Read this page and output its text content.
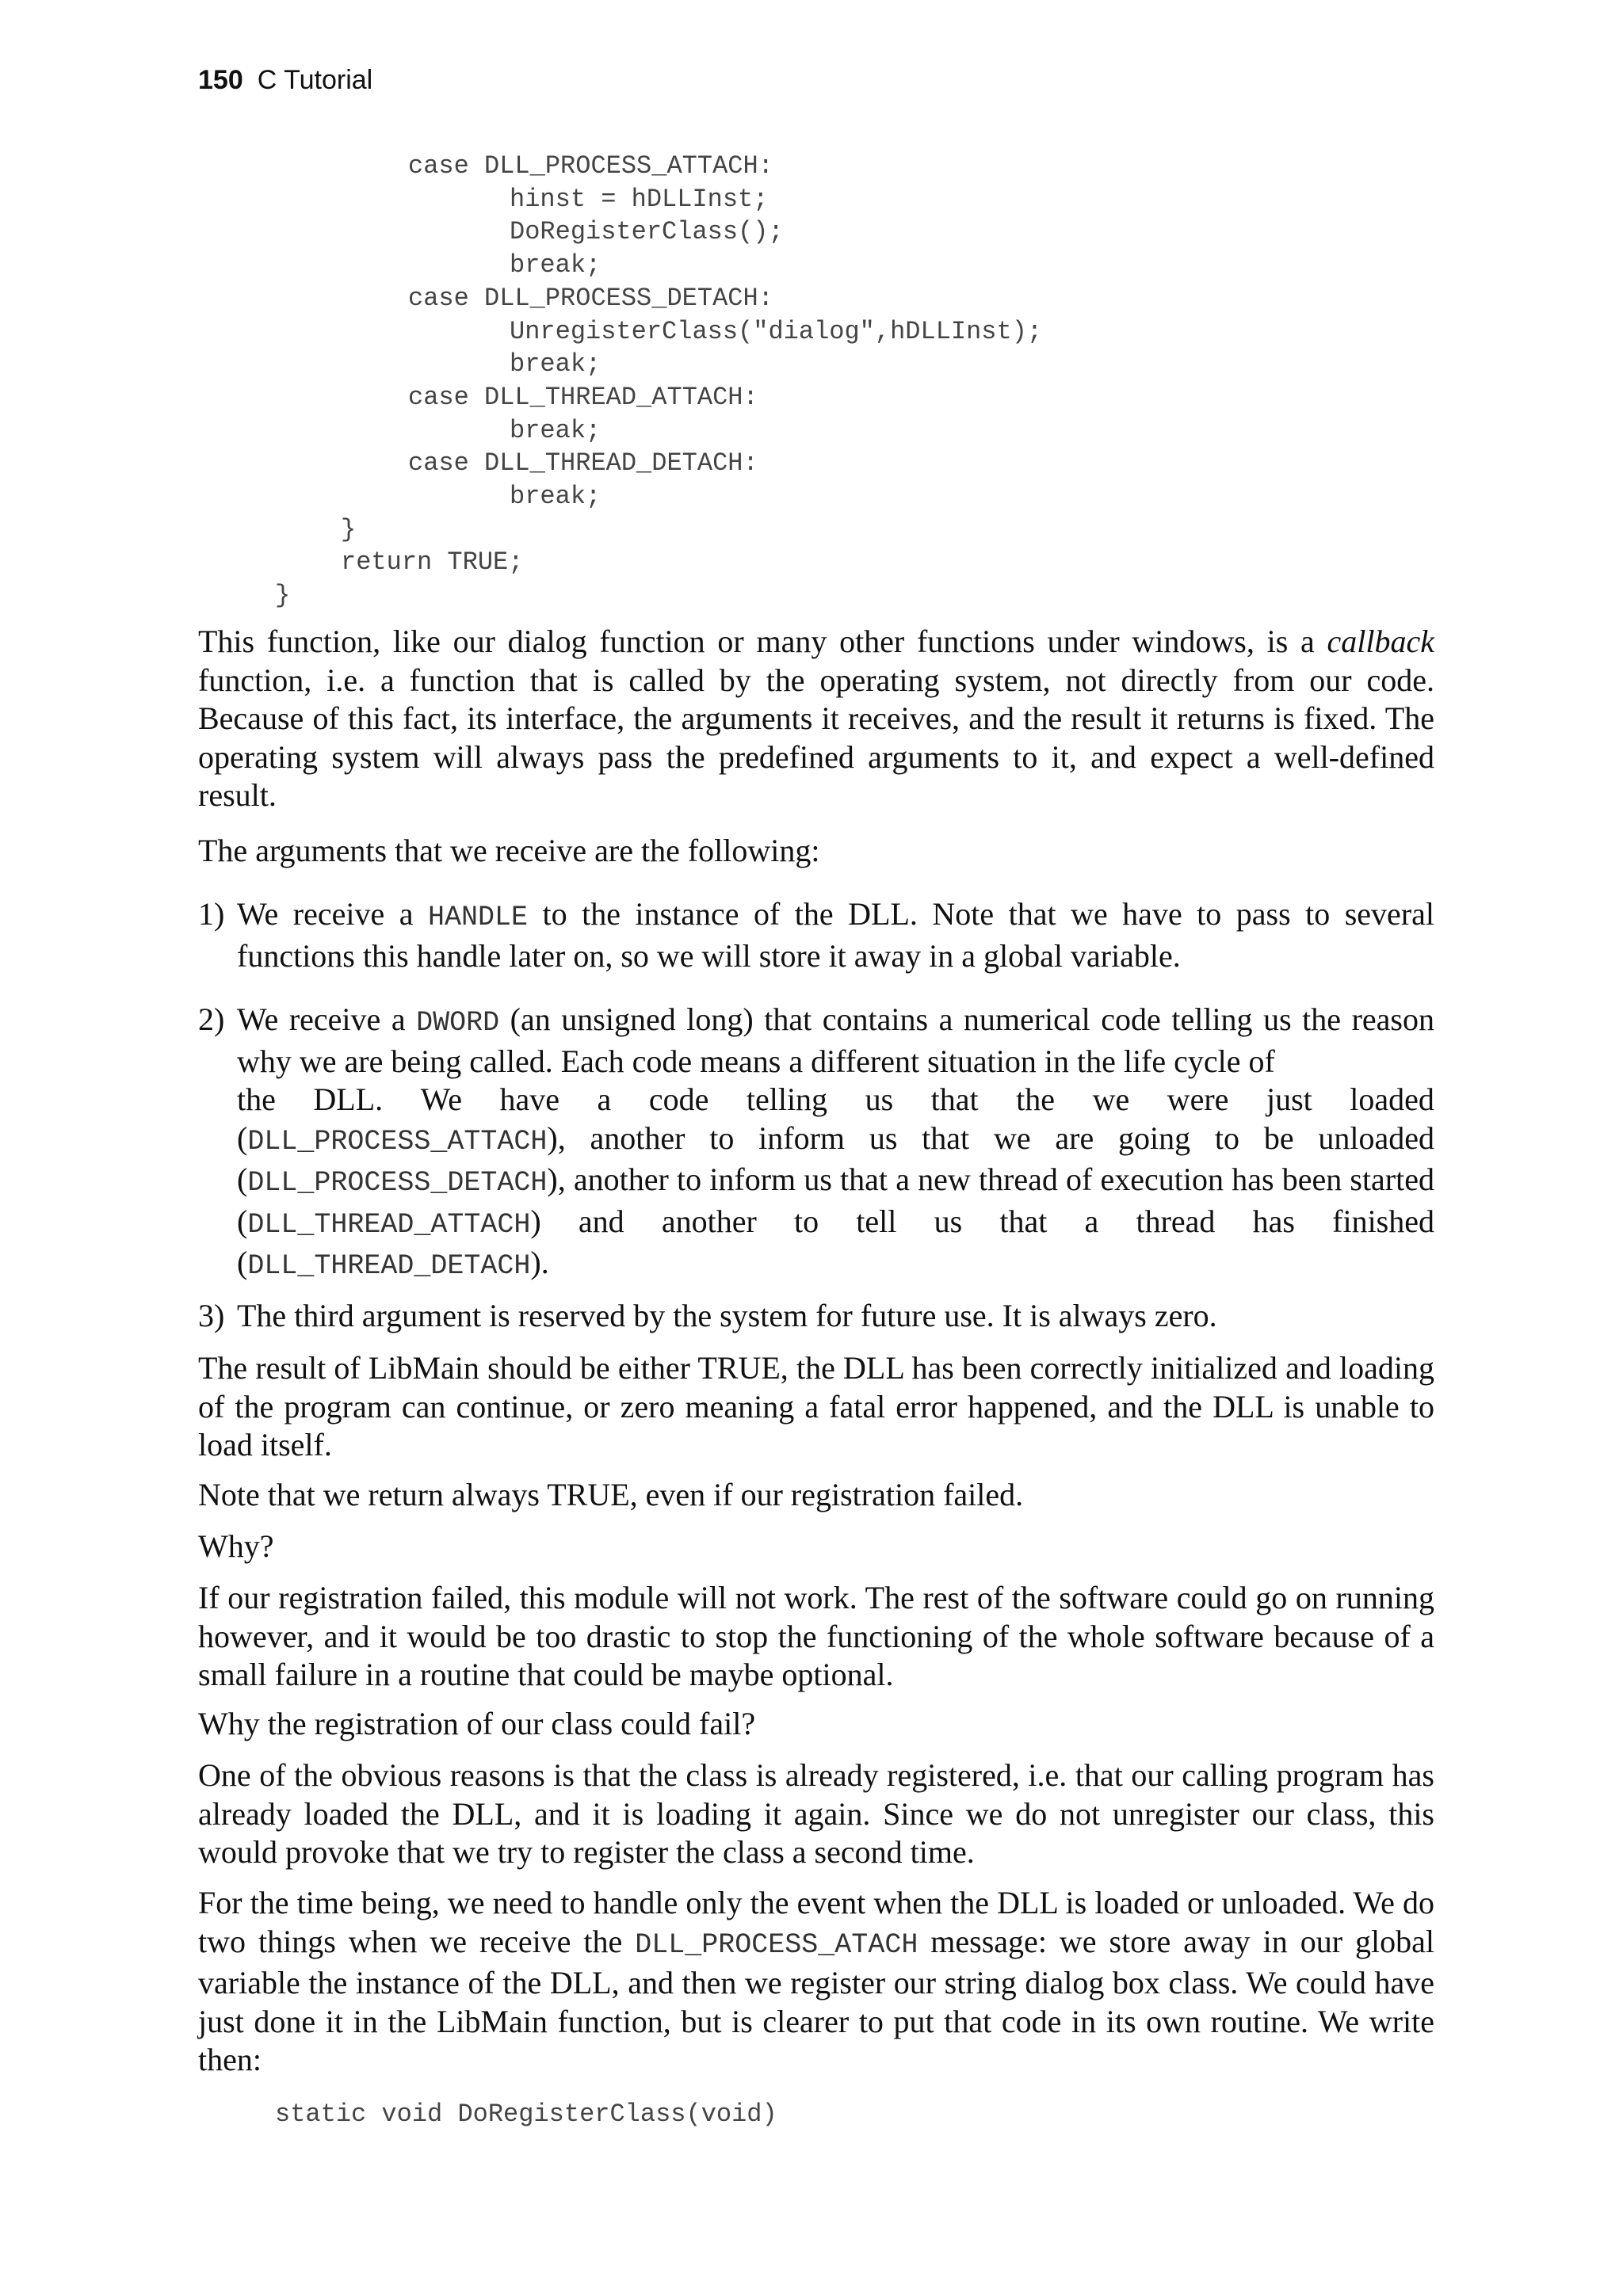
150 C Tutorial
case DLL_PROCESS_ATTACH:
hinst = hDLLInst;
DoRegisterClass();
break;
case DLL_PROCESS_DETACH:
UnregisterClass("dialog",hDLLInst);
break;
case DLL_THREAD_ATTACH:
break;
case DLL_THREAD_DETACH:
break;
}
return TRUE;
}
This function, like our dialog function or many other functions under windows, is a callback function, i.e. a function that is called by the operating system, not directly from our code. Because of this fact, its interface, the arguments it receives, and the result it returns is fixed. The operating system will always pass the predefined arguments to it, and expect a well-defined result.
The arguments that we receive are the following:
1) We receive a HANDLE to the instance of the DLL. Note that we have to pass to several functions this handle later on, so we will store it away in a global variable.
2) We receive a DWORD (an unsigned long) that contains a numerical code telling us the reason why we are being called. Each code means a different situation in the life cycle of
the DLL. We have a code telling us that the we were just loaded
(DLL_PROCESS_ATTACH), another to inform us that we are going to be unloaded (DLL_PROCESS_DETACH), another to inform us that a new thread of execution has been started (DLL_THREAD_ATTACH) and another to tell us that a thread has finished (DLL_THREAD_DETACH).
3) The third argument is reserved by the system for future use. It is always zero.
The result of LibMain should be either TRUE, the DLL has been correctly initialized and loading of the program can continue, or zero meaning a fatal error happened, and the DLL is unable to load itself.
Note that we return always TRUE, even if our registration failed.
Why?
If our registration failed, this module will not work. The rest of the software could go on running however, and it would be too drastic to stop the functioning of the whole software because of a small failure in a routine that could be maybe optional.
Why the registration of our class could fail?
One of the obvious reasons is that the class is already registered, i.e. that our calling program has already loaded the DLL, and it is loading it again. Since we do not unregister our class, this would provoke that we try to register the class a second time.
For the time being, we need to handle only the event when the DLL is loaded or unloaded. We do two things when we receive the DLL_PROCESS_ATACH message: we store away in our global variable the instance of the DLL, and then we register our string dialog box class. We could have just done it in the LibMain function, but is clearer to put that code in its own routine. We write then:
static void DoRegisterClass(void)
